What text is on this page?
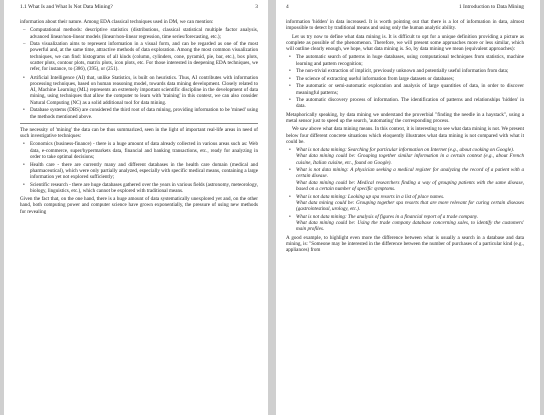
1.1 What Is and What Is Not Data Mining?	3

information about their nature. Among EDA classical techniques used in DM, we can mention:

– Computational methods: descriptive statistics (distributions, classical statistical multiple factor analysis, advanced linear/non-linear models (linear/non-linear regression, time series/forecasting, etc.);
– Data visualization aims to represent information in a visual form, and can be regarded as one of the most powerful and, at the same time, attractive methods of data exploration. Among the most common visualization techniques, we can find: histograms of all kinds (column, cylinders, cone, pyramid, pie, bar, etc.), box plots, scatter plots, contour plots, matrix plots, icon plots, etc. For those interested in deepening EDA techniques, we refer, for instance, to (386), (395), or (251).
• Artificial Intelligence (AI) that, unlike Statistics, is built on heuristics. Thus, AI contributes with information processing techniques, based on human reasoning model, towards data mining development. Closely related to AI, Machine Learning (ML) represents an extremely important scientific discipline in the development of data mining, using techniques that allow the computer to learn with 'training' in this context, we can also consider Natural Computing (NC) as a solid additional tool for data mining.
• Database systems (DBS) are considered the third root of data mining, providing information to be 'mined' using the methods mentioned above.

The necessity of 'mining' the data can be thus summarized, seen in the light of important real-life areas in need of such investigative techniques:

• Economics (business-finance) - there is a huge amount of data already collected in various areas such as: Web data, e-commerce, super/hypermarkets data, financial and banking transactions, etc., ready for analyzing in order to take optimal decisions;
• Health care - there are currently many and different databases in the health care domain (medical and pharmaceutical), which were only partially analyzed, especially with specific medical means, containing a large information yet not explored sufficiently;
• Scientific research - there are huge databases gathered over the years in various fields (astronomy, meteorology, biology, linguistics, etc.), which cannot be explored with traditional means.

Given the fact that, on the one hand, there is a huge amount of data systematically unexplored yet and, on the other hand, both computing power and computer science have grown exponentially, the pressure of using new methods for revealing

4	1 Introduction to Data Mining

information 'hidden' in data increased. It is worth pointing out that there is a lot of information in data, almost impossible to detect by traditional means and using only the human analytic ability.

Let us try now to define what data mining is. It is difficult to opt for a unique definition providing a picture as complete as possible of the phenomenon. Therefore, we will present some approaches more or less similar, which will outline clearly enough, we hope, what data mining is. So, by data mining we mean (equivalent approaches):

• The automatic search of patterns in huge databases, using computational techniques from statistics, machine learning and pattern recognition;
• The non-trivial extraction of implicit, previously unknown and potentially useful information from data;
• The science of extracting useful information from large datasets or databases;
• The automatic or semi-automatic exploration and analysis of large quantities of data, in order to discover meaningful patterns;
• The automatic discovery process of information. The identification of patterns and relationships 'hidden' in data.

Metaphorically speaking, by data mining we understand the proverbial "finding the needle in a haystack", using a metal sensor just to speed up the search, 'automating' the corresponding process.

We saw above what data mining means. In this context, it is interesting to see what data mining is not. We present below four different concrete situations which eloquently illustrates what data mining is not compared with what it could be.

• What is not data mining: Searching for particular information on Internet (e.g., about cooking on Google).
What data mining could be: Grouping together similar information in a certain context (e.g., about French cuisine, Italian cuisine, etc., found on Google).
• What is not data mining: A physician seeking a medical register for analyzing the record of a patient with a certain disease.
What data mining could be: Medical researchers finding a way of grouping patients with the same disease, based on a certain number of specific symptoms.
• What is not data mining: Looking up spa resorts in a list of place names.
What data mining could be: Grouping together spa resorts that are more relevant for curing certain diseases (gastrointestinal, urology, etc.).
• What is not data mining: The analysis of figures in a financial report of a trade company.
What data mining could be: Using the trade company database concerning sales, to identify the customers' main profiles.

A good example, to highlight even more the difference between what is usually a search in a database and data mining, is: "Someone may be interested in the difference between the number of purchases of a particular kind (e.g., appliances) from
